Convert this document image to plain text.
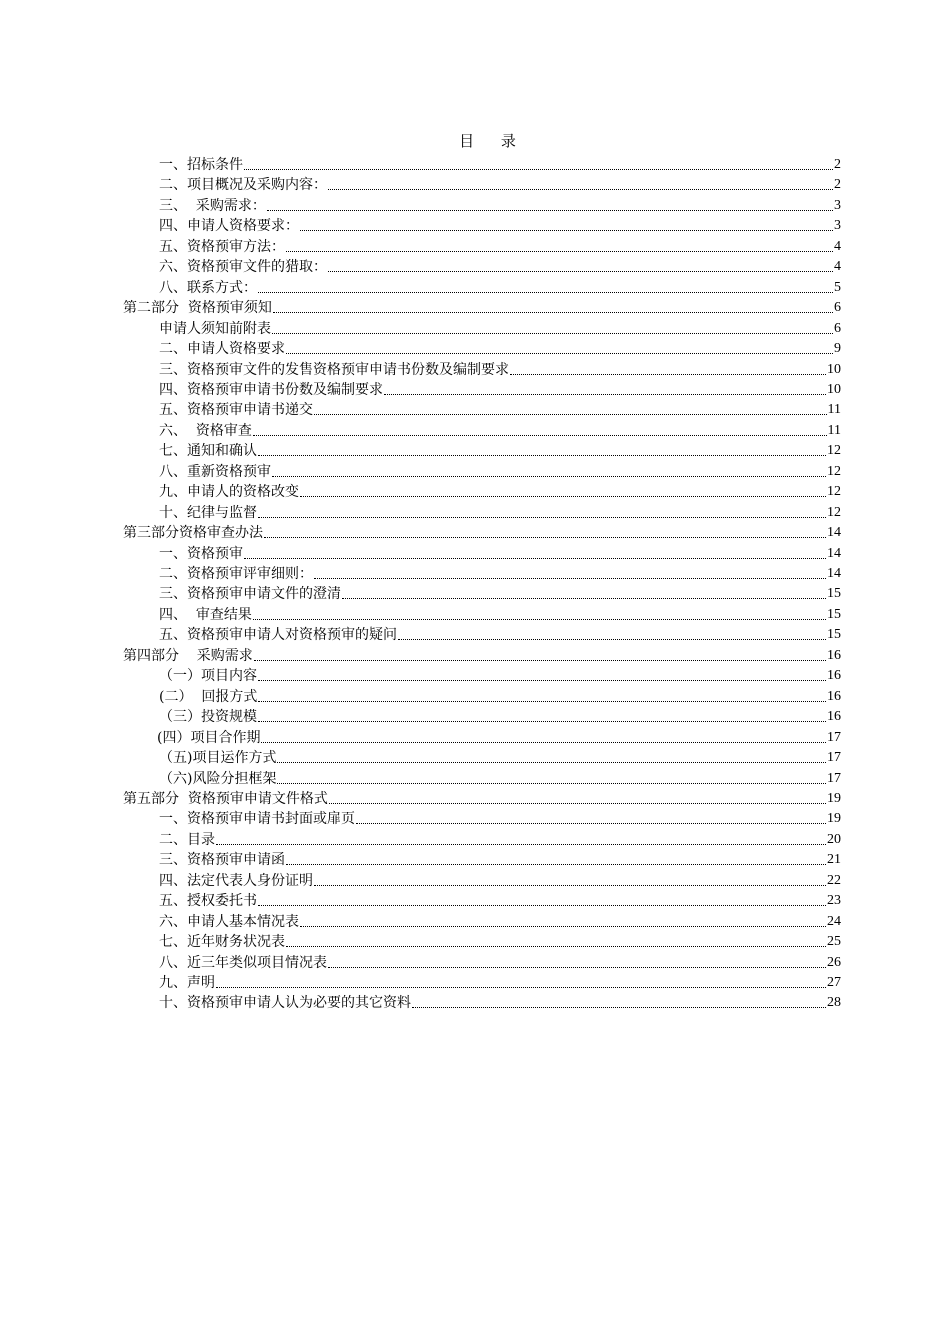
目 录
一、招标条件	2
二、项目概况及采购内容：	2
三、  采购需求：	3
四、申请人资格要求：	3
五、资格预审方法：	4
六、资格预审文件的猎取：	4
八、联系方式：	5
第二部分  资格预审须知	6
申请人须知前附表	6
二、申请人资格要求	9
三、资格预审文件的发售资格预审申请书份数及编制要求	10
四、资格预审申请书份数及编制要求	10
五、资格预审申请书递交	11
六、  资格审查	11
七、通知和确认	12
八、重新资格预审	12
九、申请人的资格改变	12
十、纪律与监督	12
第三部分资格审查办法	14
一、资格预审	14
二、资格预审评审细则：	14
三、资格预审申请文件的澄清	15
四、  审查结果	15
五、资格预审申请人对资格预审的疑问	15
第四部分    采购需求	16
（一）项目内容	16
(二）  回报方式	16
（三）投资规模	16
(四）项目合作期	17
（五)项目运作方式	17
（六)风险分担框架	17
第五部分  资格预审申请文件格式	19
一、资格预审申请书封面或扉页	19
二、目录	20
三、资格预审申请函	21
四、法定代表人身份证明	22
五、授权委托书	23
六、申请人基本情况表	24
七、近年财务状况表	25
八、近三年类似项目情况表	26
九、声明	27
十、资格预审申请人认为必要的其它资料	28
